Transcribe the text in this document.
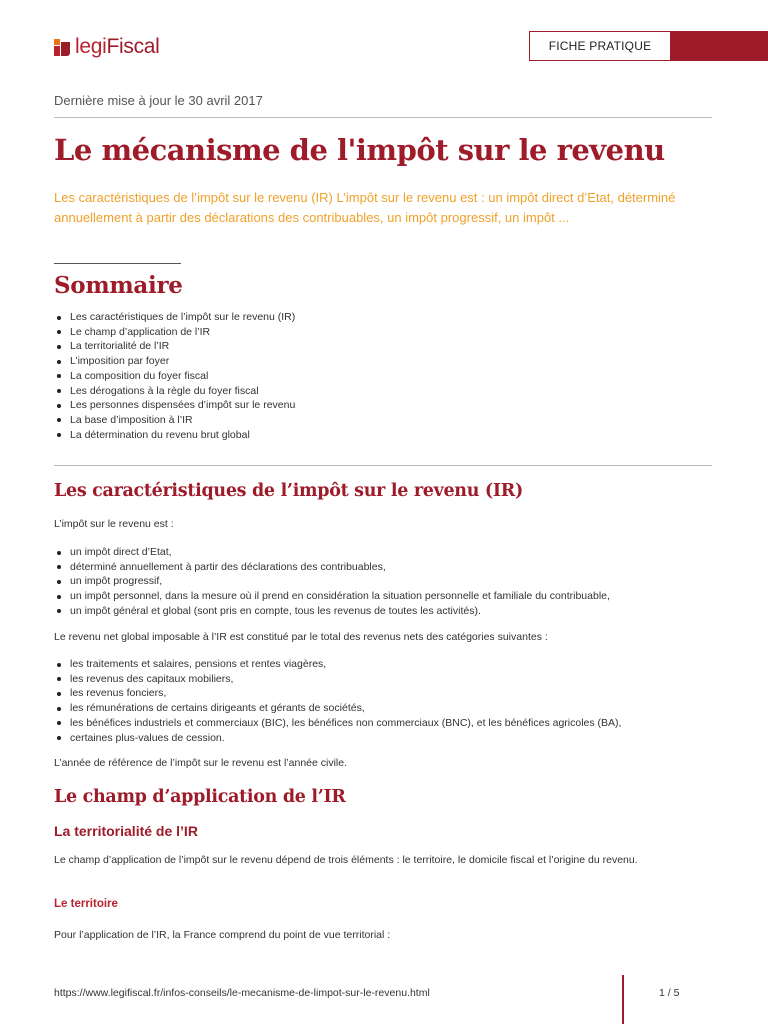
legiFiscal	FICHE PRATIQUE
Dernière mise à jour le 30 avril 2017
Le mécanisme de l'impôt sur le revenu

Les caractéristiques de l’impôt sur le revenu (IR) L’impôt sur le revenu est : un impôt direct d’Etat, déterminé annuellement à partir des déclarations des contribuables, un impôt progressif, un impôt ...

Sommaire
Les caractéristiques de l’impôt sur le revenu (IR)
Le champ d’application de l’IR
La territorialité de l’IR
L’imposition par foyer
La composition du foyer fiscal
Les dérogations à la règle du foyer fiscal
Les personnes dispensées d’impôt sur le revenu
La base d’imposition à l’IR
La détermination du revenu brut global
Les caractéristiques de l’impôt sur le revenu (IR)

L’impôt sur le revenu est :

un impôt direct d’Etat,
déterminé annuellement à partir des déclarations des contribuables,
un impôt progressif,
un impôt personnel, dans la mesure où il prend en considération la situation personnelle et familiale du contribuable,
un impôt général et global (sont pris en compte, tous les revenus de toutes les activités).

Le revenu net global imposable à l’IR est constitué par le total des revenus nets des catégories suivantes :

les traitements et salaires, pensions et rentes viagères,
les revenus des capitaux mobiliers,
les revenus fonciers,
les rémunérations de certains dirigeants et gérants de sociétés,
les bénéfices industriels et commerciaux (BIC), les bénéfices non commerciaux (BNC), et les bénéfices agricoles (BA),
certaines plus-values de cession.

L’année de référence de l’impôt sur le revenu est l’année civile.

Le champ d’application de l’IR
La territorialité de l’IR

Le champ d’application de l’impôt sur le revenu dépend de trois éléments : le territoire, le domicile fiscal et l’origine du revenu.

Le territoire

Pour l’application de l’IR, la France comprend du point de vue territorial :

https://www.legifiscal.fr/infos-conseils/le-mecanisme-de-limpot-sur-le-revenu.html	1 / 5
